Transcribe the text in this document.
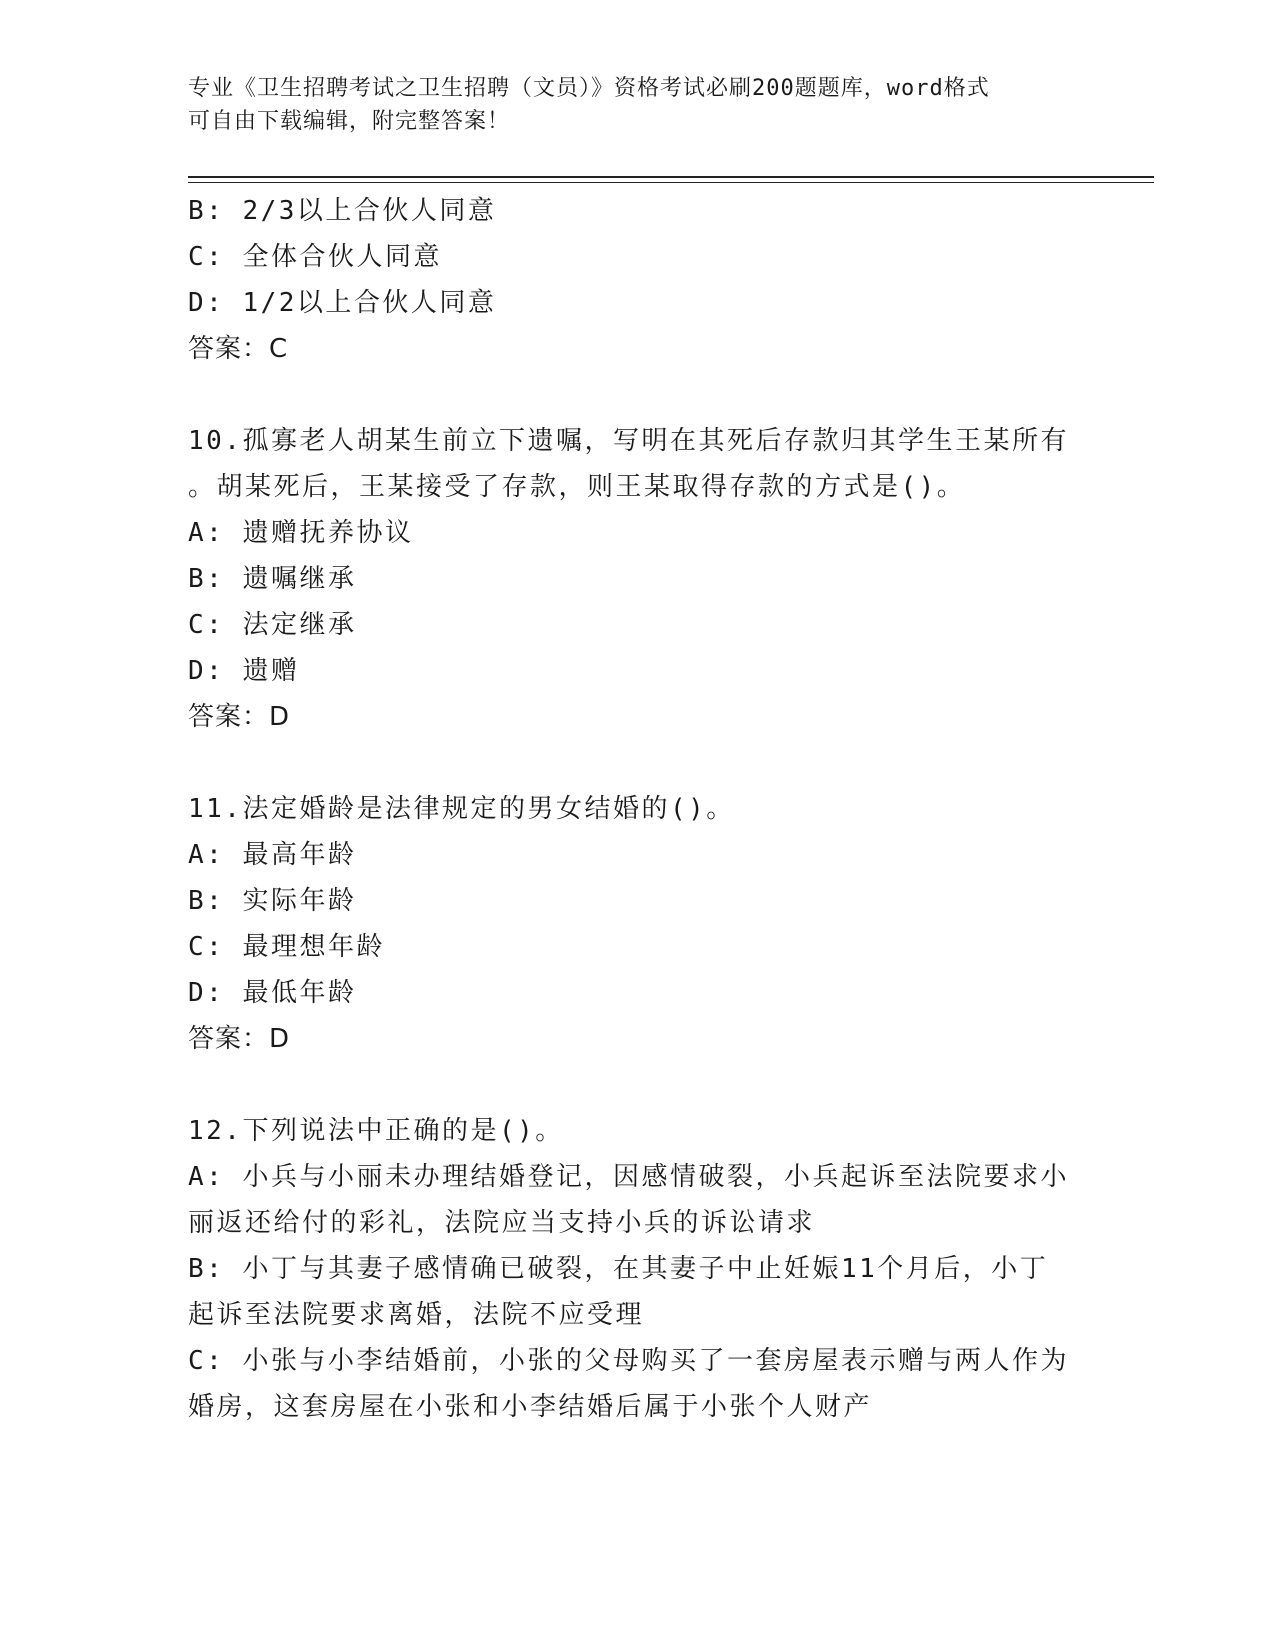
专业《卫生招聘考试之卫生招聘（文员）》资格考试必刷200题题库，word格式
可自由下载编辑，附完整答案！

B: 2/3以上合伙人同意

C: 全体合伙人同意

D: 1/2以上合伙人同意

答案：C

10.孤寡老人胡某生前立下遗嘱，写明在其死后存款归其学生王某所有

。胡某死后，王某接受了存款，则王某取得存款的方式是()。

A: 遗赠抚养协议

B: 遗嘱继承

C: 法定继承

D: 遗赠

答案：D

11.法定婚龄是法律规定的男女结婚的()。

A: 最高年龄

B: 实际年龄

C: 最理想年龄

D: 最低年龄

答案：D

12.下列说法中正确的是()。

A: 小兵与小丽未办理结婚登记，因感情破裂，小兵起诉至法院要求小

丽返还给付的彩礼，法院应当支持小兵的诉讼请求

B: 小丁与其妻子感情确已破裂，在其妻子中止妊娠11个月后，小丁

起诉至法院要求离婚，法院不应受理

C: 小张与小李结婚前，小张的父母购买了一套房屋表示赠与两人作为

婚房，这套房屋在小张和小李结婚后属于小张个人财产
